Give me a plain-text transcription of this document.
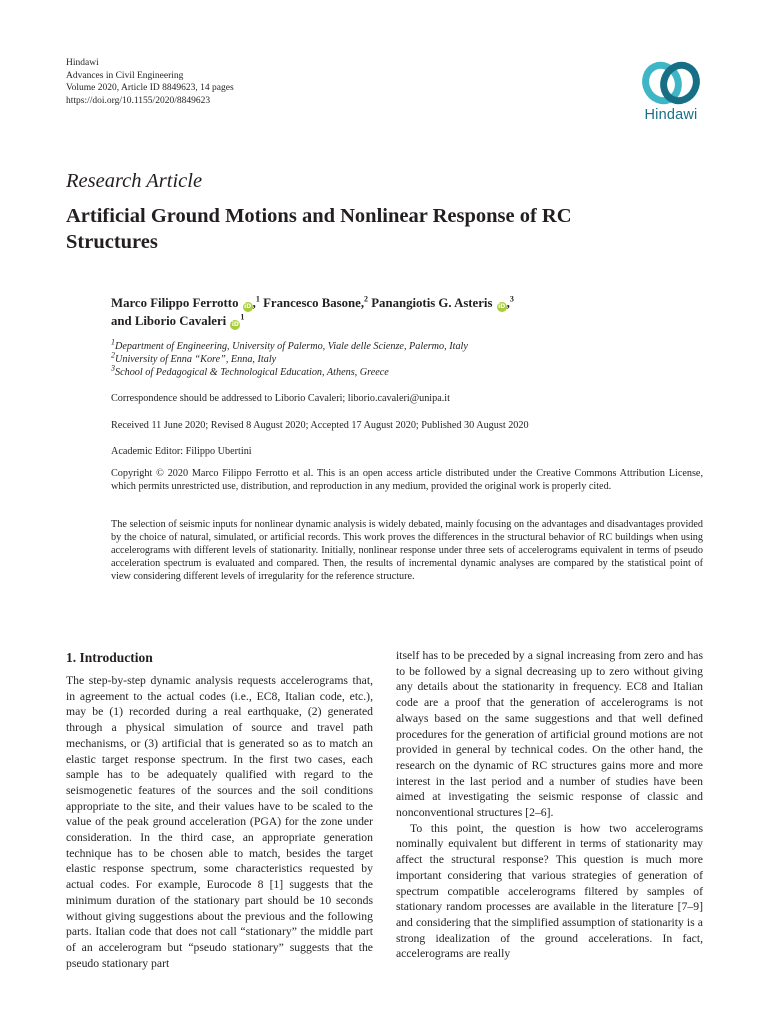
Hindawi
Advances in Civil Engineering
Volume 2020, Article ID 8849623, 14 pages
https://doi.org/10.1155/2020/8849623
Hindawi
Research Article
Artificial Ground Motions and Nonlinear Response of RC Structures
Marco Filippo Ferrotto iD,$^1$ Francesco Basone,$^2$ Panangiotis G. Asteris iD,$^3$
and Liborio Cavaleri $iD^1$
$^1$Department of Engineering, University of Palermo, Viale delle Scienze, Palermo, Italy
$^2$University of Enna “Kore”, Enna, Italy
$^3$School of Pedagogical & Technological Education, Athens, Greece
Correspondence should be addressed to Liborio Cavaleri; liborio.cavaleri@unipa.it
Received 11 June 2020; Revised 8 August 2020; Accepted 17 August 2020; Published 30 August 2020
Academic Editor: Filippo Ubertini
Copyright © 2020 Marco Filippo Ferrotto et al. This is an open access article distributed under the Creative Commons Attribution License, which permits unrestricted use, distribution, and reproduction in any medium, provided the original work is properly cited.
The selection of seismic inputs for nonlinear dynamic analysis is widely debated, mainly focusing on the advantages and disadvantages provided by the choice of natural, simulated, or artificial records. This work proves the differences in the structural behavior of RC buildings when using accelerograms with different levels of stationarity. Initially, nonlinear response under three sets of accelerograms equivalent in terms of pseudo acceleration spectrum is evaluated and compared. Then, the results of incremental dynamic analyses are compared by the statistical point of view considering different levels of irregularity for the reference structure.
1. Introduction

The step-by-step dynamic analysis requests accelerograms that, in agreement to the actual codes (i.e., EC8, Italian code, etc.), may be (1) recorded during a real earthquake, (2) generated through a physical simulation of source and travel path mechanisms, or (3) artificial that is generated so as to match an elastic target response spectrum. In the first two cases, each sample has to be adequately qualified with regard to the seismogenetic features of the sources and the soil conditions appropriate to the site, and their values have to be scaled to the value of the peak ground acceleration (PGA) for the zone under consideration. In the third case, an appropriate generation technique has to be chosen able to match, besides the target elastic response spectrum, some characteristics requested by actual codes. For example, Eurocode 8 [1] suggests that the minimum duration of the stationary part should be 10 seconds without giving suggestions about the previous and the following parts. Italian code that does not call “stationary” the middle part of an accelerogram but “pseudo stationary” suggests that the pseudo stationary part

itself has to be preceded by a signal increasing from zero and has to be followed by a signal decreasing up to zero without giving any details about the stationarity in frequency. EC8 and Italian code are a proof that the generation of accelerograms is not always based on the same suggestions and that well defined procedures for the generation of artificial ground motions are not provided in general by technical codes. On the other hand, the research on the dynamic of RC structures gains more and more interest in the last period and a number of studies have been aimed at investigating the seismic response of classic and nonconventional structures [2–6].

To this point, the question is how two accelerograms nominally equivalent but different in terms of stationarity may affect the structural response? This question is much more important considering that various strategies of generation of spectrum compatible accelerograms filtered by samples of stationary random processes are available in the literature [7–9] and considering that the simplified assumption of stationarity is a strong idealization of the ground accelerations. In fact, accelerograms are really
